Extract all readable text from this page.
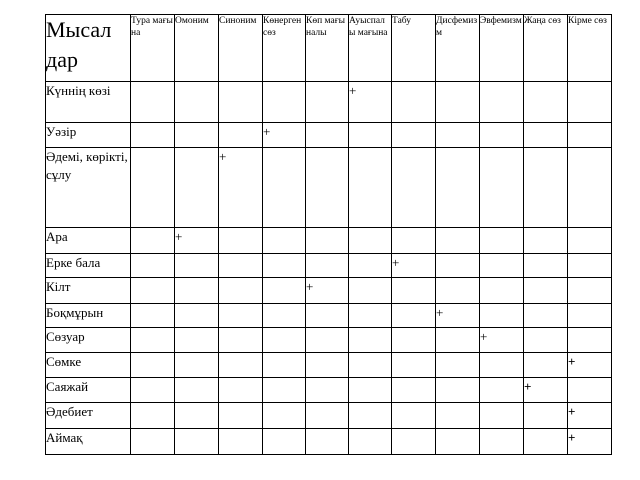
Мысал дар	Тура мағына	Омоним	Синоним	Көнерген сөз	Көп мағыналы	Ауыспалы мағына	Табу	Дисфемизм	Эвфемизм	Жаңа сөз	Кірме сөз
Күннің көзі						+					
Уәзір				+							
Әдемі, көрікті, сұлу			+								
Ара		+									
Ерке бала							+				
Кілт					+						
Боқмұрын								+			
Сөзуар									+		
Сөмке											+
Саяжай										+	
Әдебиет											+
Аймақ											+
